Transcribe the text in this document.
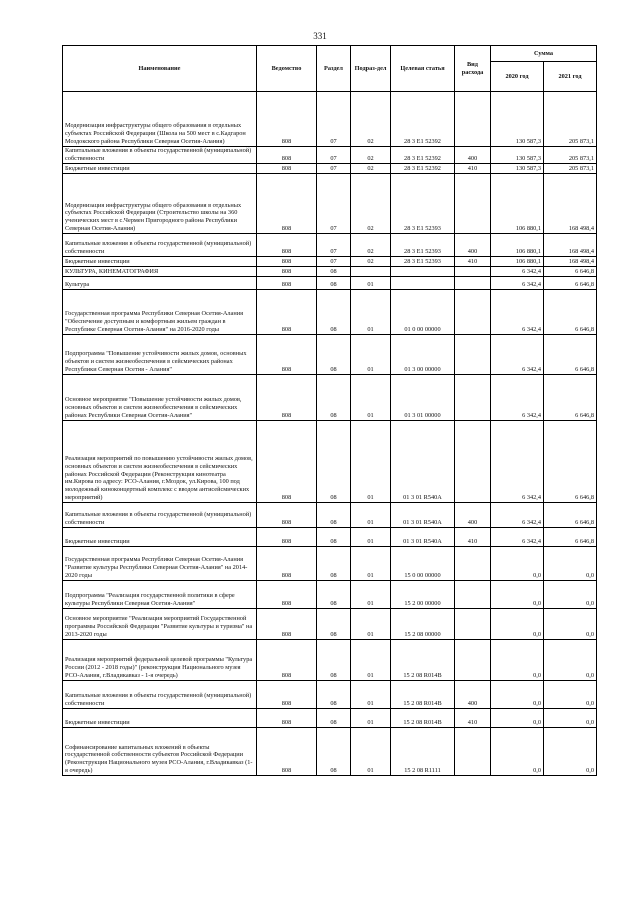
331
Наименование	Ведомство	Раздел	Подраз-дел	Целевая статья	Вид расхода	Сумма	
						2020 год	2021 год
Модернизация инфраструктуры общего образования в отдельных субъектах Российской Федерации (Школа на 500 мест в с.Кадгарон Моздокского района Республики Северная Осетия-Алания)	808	07	02	28 3 Е1 52392		130 587,3	205 873,1
Капитальные вложения в объекты государственной (муниципальной) собственности	808	07	02	28 3 Е1 52392	400	130 587,3	205 873,1
Бюджетные инвестиции	808	07	02	28 3 Е1 52392	410	130 587,3	205 873,1
Модернизация инфраструктуры общего образования в отдельных субъектах Российской Федерации (Строительство школы на 360 ученических мест в с.Чермен Пригородного района Республики Северная Осетия-Алания)	808	07	02	28 3 Е1 52393		106 880,1	168 498,4
Капитальные вложения в объекты государственной (муниципальной) собственности	808	07	02	28 3 Е1 52393	400	106 880,1	168 498,4
Бюджетные инвестиции	808	07	02	28 3 Е1 52393	410	106 880,1	168 498,4
КУЛЬТУРА, КИНЕМАТОГРАФИЯ	808	08				6 342,4	6 646,8
Культура	808	08	01			6 342,4	6 646,8
Государственная программа Республики Северная Осетия-Алания "Обеспечение доступным и комфортным жильем граждан в Республике Северная Осетия-Алания" на 2016-2020 годы	808	08	01	01 0 00 00000		6 342,4	6 646,8
Подпрограмма "Повышение устойчивости жилых домов, основных объектов и систем жизнеобеспечения в сейсмических районах Республики Северная Осетия - Алания"	808	08	01	01 3 00 00000		6 342,4	6 646,8
Основное мероприятие "Повышение устойчивости жилых домов, основных объектов и систем жизнеобеспечения в сейсмических районах Республики Северная Осетия-Алания"	808	08	01	01 3 01 00000		6 342,4	6 646,8
Реализация мероприятий по повышению устойчивости жилых домов, основных объектов и систем жизнеобеспечения в сейсмических районах Российской Федерации (Реконструкция кинотеатра им.Кирова по адресу: РСО-Алания, г.Моздок, ул.Кирова, 100 под молодежный киноконцертный комплекс с вводом антисейсмических мероприятий)	808	08	01	01 3 01 R540A		6 342,4	6 646,8
Капитальные вложения в объекты государственной (муниципальной) собственности	808	08	01	01 3 01 R540A	400	6 342,4	6 646,8
Бюджетные инвестиции	808	08	01	01 3 01 R540A	410	6 342,4	6 646,8
Государственная программа Республики Северная Осетия-Алания "Развитие культуры Республики Северная Осетия-Алания" на 2014-2020 годы	808	08	01	15 0 00 00000		0,0	0,0
Подпрограмма "Реализация государственной политики в сфере культуры Республики Северная Осетия-Алания"	808	08	01	15 2 00 00000		0,0	0,0
Основное мероприятие "Реализация мероприятий Государственной программы Российской Федерации "Развитие культуры и туризма" на 2013-2020 годы	808	08	01	15 2 08 00000		0,0	0,0
Реализация мероприятий федеральной целевой программы "Культура России (2012 - 2018 годы)" (реконструкция Национального музея РСО-Алания, г.Владикавказ - 1-я очередь)	808	08	01	15 2 08 R014B		0,0	0,0
Капитальные вложения в объекты государственной (муниципальной) собственности	808	08	01	15 2 08 R014B	400	0,0	0,0
Бюджетные инвестиции	808	08	01	15 2 08 R014B	410	0,0	0,0
Софинансирование капитальных вложений в объекты государственной собственности субъектов Российской Федерации (Реконструкция Национального музея РСО-Алания, г.Владикавказ (1-я очередь)	808	08	01	15 2 08 R1111		0,0	0,0
